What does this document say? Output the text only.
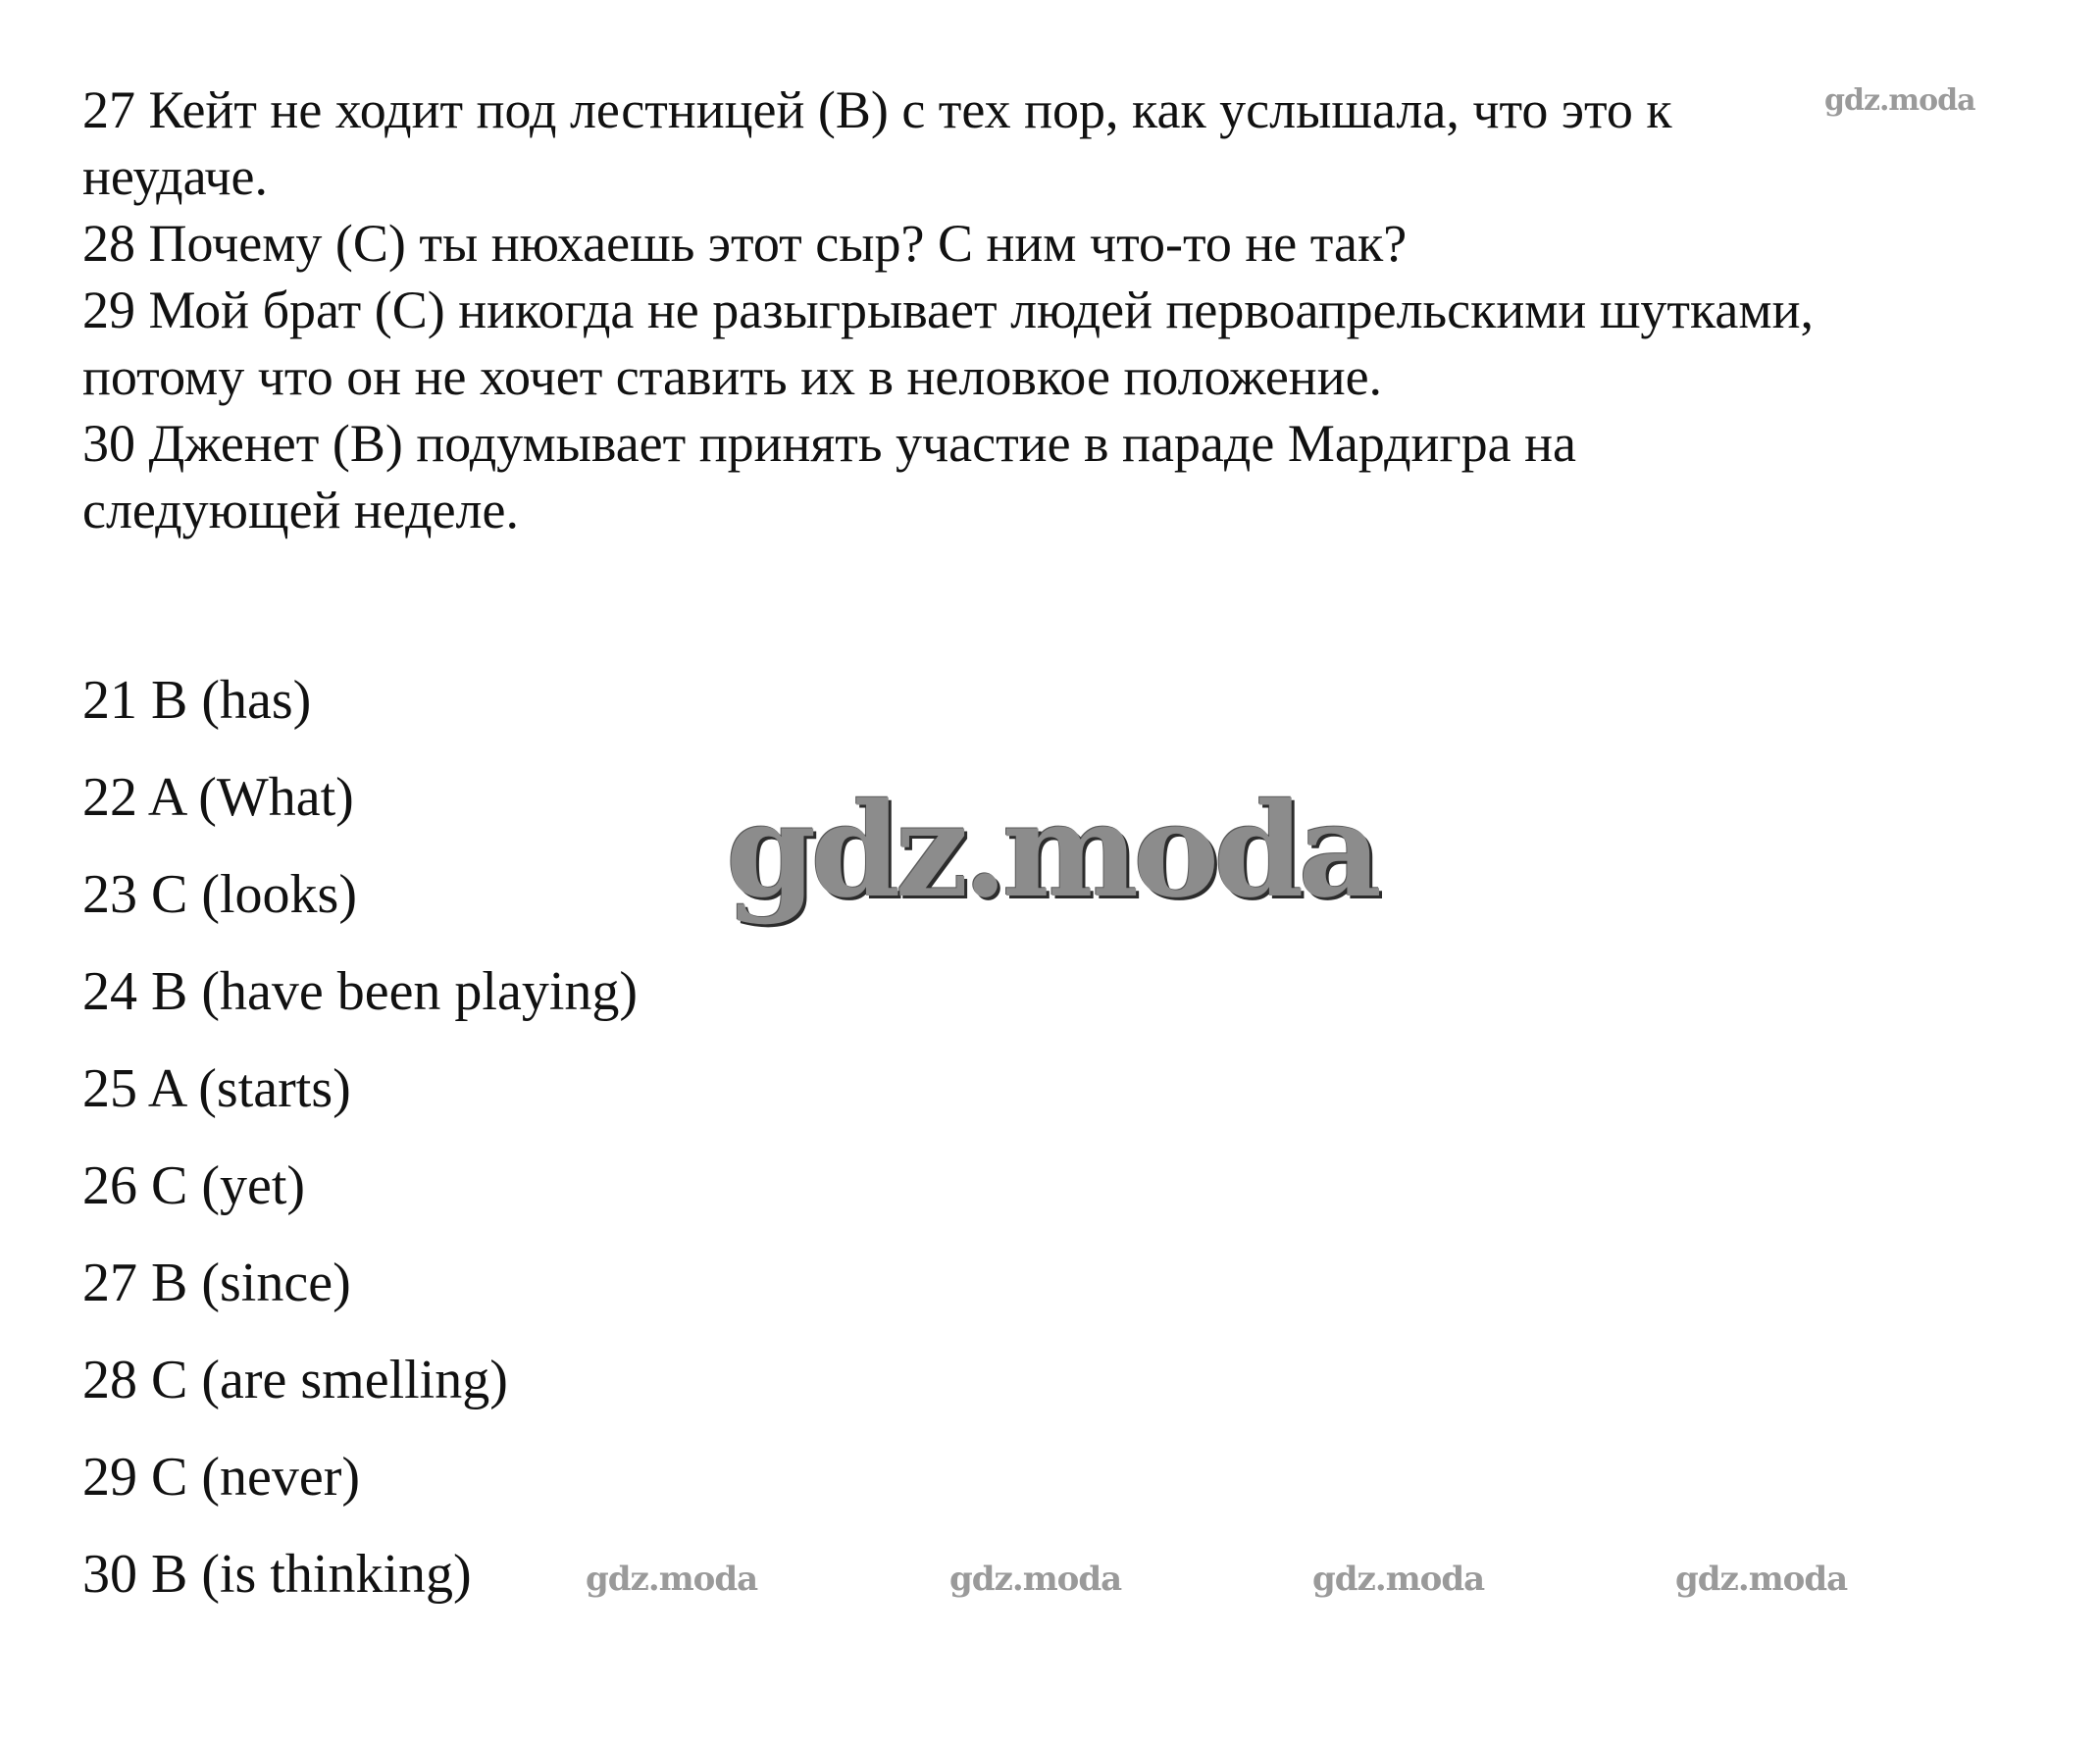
27 Кейт не ходит под лестницей (B) с тех пор, как услышала, что это к
неудаче.

28 Почему (С) ты нюхаешь этот сыр? С ним что-то не так?

29 Мой брат (С) никогда не разыгрывает людей первоапрельскими шутками,
потому что он не хочет ставить их в неловкое положение.

30 Дженет (В) подумывает принять участие в параде Мардигра на
следующей неделе.

21 B (has)
22 A (What)
23 C (looks)
24 B (have been playing)
25 A (starts)
26 C (yet)
27 B (since)
28 C (are smelling)
29 C (never)
30 B (is thinking)
gdz.moda
gdz.moda
gdz.moda	gdz.moda	gdz.moda	gdz.moda
